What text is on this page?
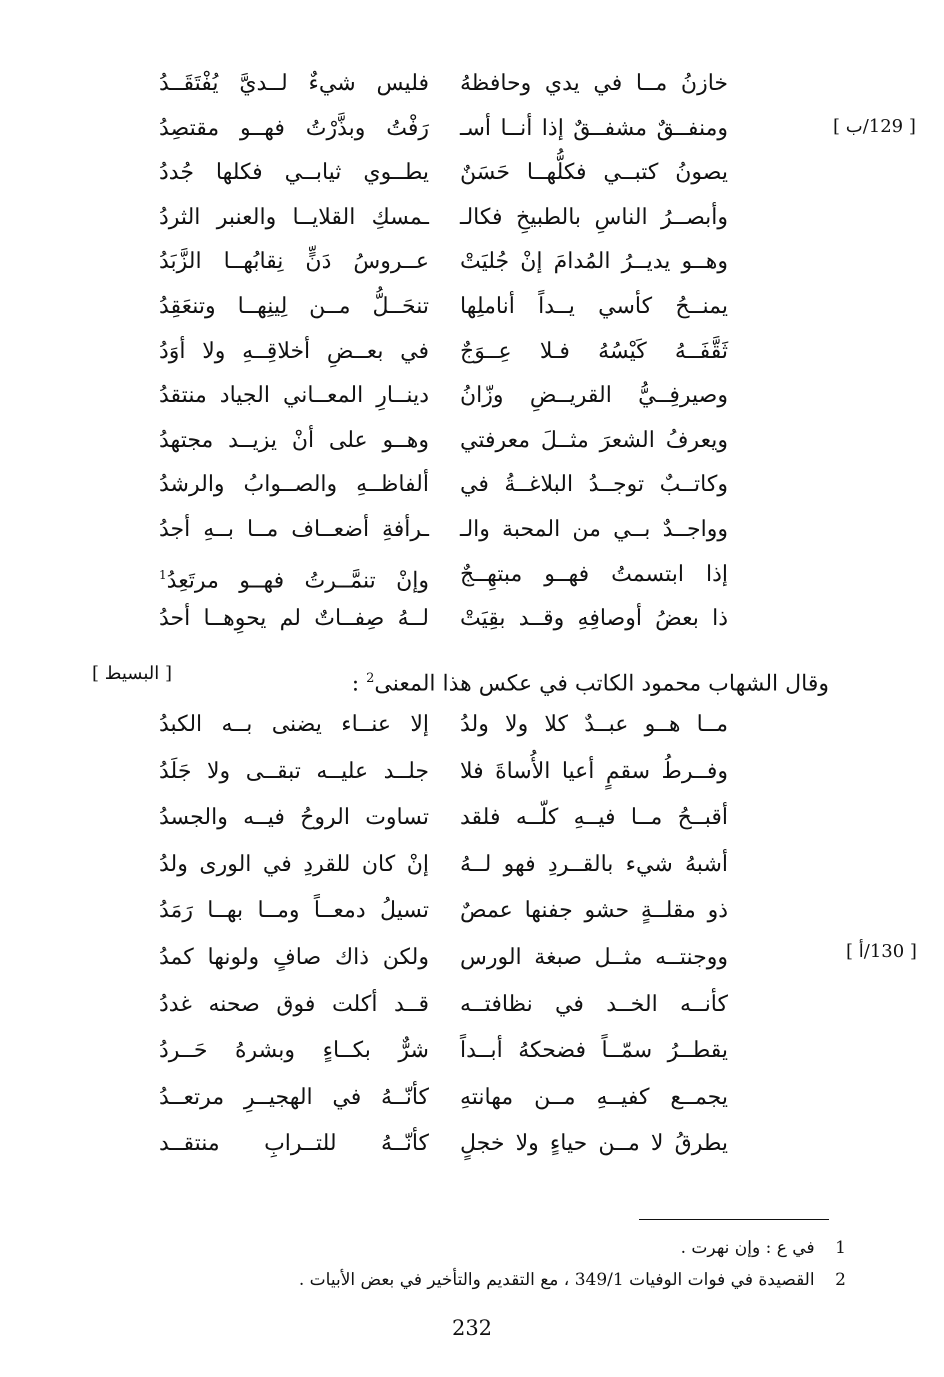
خازنُ مــا في يدي وحافظهُ
فليس شيءٌ لــديَّ يُفْتَقَــدُ
ومنفــقٌ مشفــقٌ إذا أنــا أسـ
رَفْتُ وبذَّرْتُ فهــو مقتصِدُ
يصونُ كتبــي فكلُّهــا حَسَنٌ
يطــوي ثيابــي فكلها جُددُ
وأبصــرُ الناسِ بالطبيخِ فكالـ
ـمسكِ القلايــا والعنبر الثردُ
وهــو يديــرُ المُدامَ إنْ جُليَتْ
عــروسُ دَنٍّ نِقابُهــا الزَّبَدُ
يمنــحُ كأسي يــداً أناملِها
تنحَــلُّ مــن لِينِهــا وتنعَقِدُ
ثَقَّفَــهُ كَيْسُهُ فـلا عِــوَجٌ
في بعــضِ أخلاقِــهِ ولا أوَدُ
وصيرفِــيُّ القريــضِ وزّانُ
دينــارِ المعــاني الجياد منتقدُ
ويعرفُ الشعرَ مثــلَ معرفتي
وهــو على أنْ يزيــد مجتهدُ
وكاتــبٌ توجــدُ البلاغــةُ في
ألفاظــهِ والصــوابُ والرشدُ
وواجــدٌ بــي من المحبة والـ
ـرأفةِ أضعــاف مــا بــهِ أجدُ
إذا ابتسمتُ فهــو مبتهِــجٌ
وإنْ تنمَّــرتُ فهــو مرتَعِدُ$^1$
ذا بعضُ أوصافِهِ وقــد بقِيَتْ
لــهُ صِفــاتٌ لم يحوِهــا أحدُ
[ 129/ب ]
وقال الشهاب محمود الكاتب في عكس هذا المعنى$^2$ :
[ البسيط ]
مــا هــو عبــدٌ كلا ولا ولدُ
إلا عنــاء يضنى بــه الكبدُ
وفــرطُ سقمٍ أعيا الأُساةَ فلا
جلــد عليــه تبقــى ولا جَلَدُ
أقبــحُ مــا فيــهِ كلّــه فلقد
تساوت الروحُ فيــه والجسدُ
أشبهُ شيء بالقــردِ فهو لــهُ
إنْ كان للقردِ في الورى ولدُ
ذو مقلــةٍ حشو جفنها عمصٌ
تسيلُ دمعــاً ومــا بهــا رَمَدُ
ووجنتــه مثــل صبغة الورس
ولكن ذاك صافٍ ولونها كمدُ
كأنــه الخــد في نظافتــه
قــد أكلت فوق صحنه غددُ
يقطــرُ سمّــاً فضحكهُ أبــداً
شرٌّ بكــاءٍ وبشرهُ حَــردُ
يجمــع كفيــهِ مــن مهانتهِ
كأنّــهُ في الهجيــرِ مرتعــدُ
يطرقُ لا مــن حياءٍ ولا خجلٍ
كأنّــهُ للتــرابِ منتقــد
[ 130/أ ]
1 في ع : وإن نهرت .
2 القصيدة في فوات الوفيات 349/1 ، مع التقديم والتأخير في بعض الأبيات .
232
